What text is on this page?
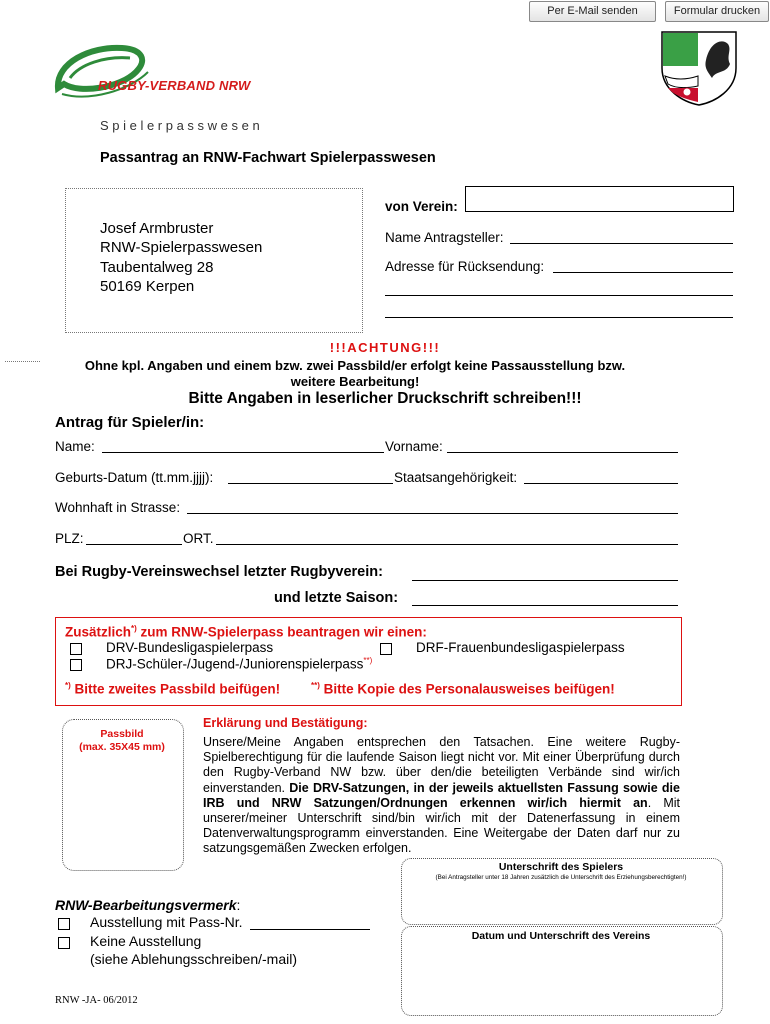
Per E-Mail senden	Formular drucken
RUGBY-VERBAND NRW
S p i e l e r p a s s w e s e n
Passantrag an RNW-Fachwart Spielerpasswesen
Josef Armbruster
RNW-Spielerpasswesen
Taubentalweg 28
50169 Kerpen
von Verein:
Name Antragsteller:
Adresse für Rücksendung:
!!!ACHTUNG!!!
Ohne kpl. Angaben und einem bzw. zwei Passbild/er erfolgt keine Passausstellung bzw.
weitere Bearbeitung!
Bitte Angaben in leserlicher Druckschrift schreiben!!!
Antrag für Spieler/in:
Name:	Vorname:
Geburts-Datum (tt.mm.jjjj):	Staatsangehörigkeit:
Wohnhaft in Strasse:
PLZ:	ORT.
Bei Rugby-Vereinswechsel letzter Rugbyverein:
und letzte Saison:
Zusätzlich*) zum RNW-Spielerpass beantragen wir einen:
DRV-Bundesligaspielerpass	DRF-Frauenbundesligaspielerpass
DRJ-Schüler-/Jugend-/Juniorenspielerpass**)
*) Bitte zweites Passbild beifügen!	**) Bitte Kopie des Personalausweises beifügen!
Passbild
(max. 35X45 mm)
Erklärung und Bestätigung:
Unsere/Meine Angaben entsprechen den Tatsachen. Eine weitere Rugby-Spielberechtigung für die laufende Saison liegt nicht vor. Mit einer Überprüfung durch den Rugby-Verband NW bzw. über den/die beteiligten Verbände sind wir/ich einverstanden. Die DRV-Satzungen, in der jeweils aktuellsten Fassung sowie die IRB und NRW Satzungen/Ordnungen erkennen wir/ich hiermit an. Mit unserer/meiner Unterschrift sind/bin wir/ich mit der Datenerfassung in einem Datenverwaltungsprogramm einverstanden. Eine Weitergabe der Daten darf nur zu satzungsgemäßen Zwecken erfolgen.
Unterschrift des Spielers
(Bei Antragsteller unter 18 Jahren zusätzlich die Unterschrift des Erziehungsberechtigten!)
Datum und Unterschrift des Vereins
RNW-Bearbeitungsvermerk:
Ausstellung mit Pass-Nr.
Keine Ausstellung
(siehe Ablehungsschreiben/-mail)
RNW -JA- 06/2012
